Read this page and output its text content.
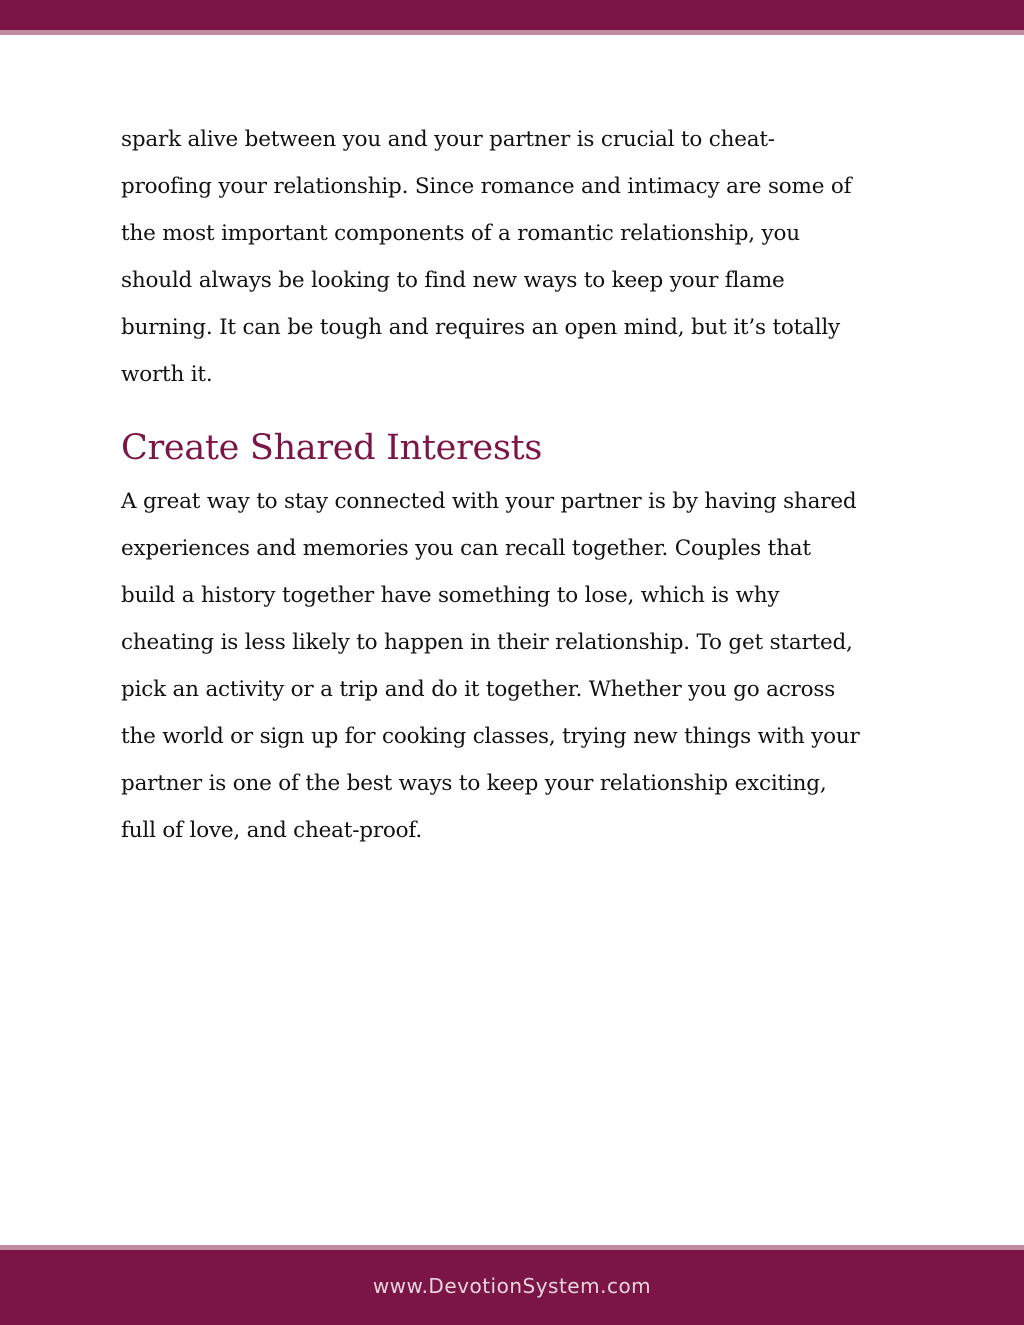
spark alive between you and your partner is crucial to cheat-
proofing your relationship. Since romance and intimacy are some of
the most important components of a romantic relationship, you
should always be looking to find new ways to keep your flame
burning. It can be tough and requires an open mind, but it’s totally
worth it.

Create Shared Interests

A great way to stay connected with your partner is by having shared
experiences and memories you can recall together. Couples that
build a history together have something to lose, which is why
cheating is less likely to happen in their relationship. To get started,
pick an activity or a trip and do it together. Whether you go across
the world or sign up for cooking classes, trying new things with your
partner is one of the best ways to keep your relationship exciting,
full of love, and cheat-proof.

www.DevotionSystem.com
